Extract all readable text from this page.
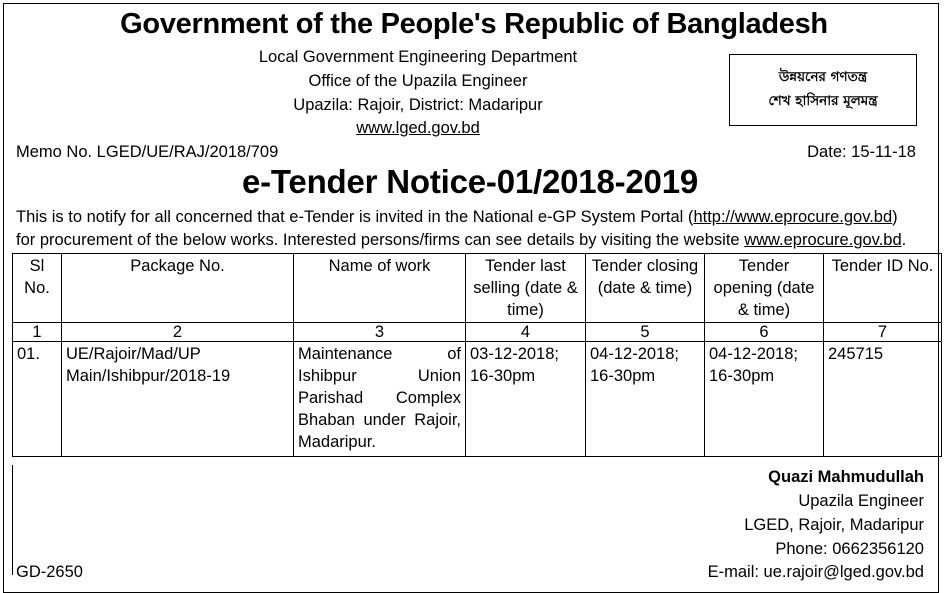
Government of the People's Republic of Bangladesh
Local Government Engineering Department
Office of the Upazila Engineer
Upazila: Rajoir, District: Madaripur
www.lged.gov.bd
উন্নয়নের গণতন্ত্র
শেখ হাসিনার মূলমন্ত্র
Memo No. LGED/UE/RAJ/2018/709	Date: 15-11-18
e-Tender Notice-01/2018-2019
This is to notify for all concerned that e-Tender is invited in the National e-GP System Portal (http://www.eprocure.gov.bd)
for procurement of the below works. Interested persons/firms can see details by visiting the website www.eprocure.gov.bd.
Sl No.	Package No.	Name of work	Tender last selling (date & time)	Tender closing (date & time)	Tender opening (date & time)	Tender ID No.
1	2	3	4	5	6	7
01.	UE/Rajoir/Mad/UP Main/Ishibpur/2018-19	Maintenance of Ishibpur Union Parishad Complex Bhaban under Rajoir, Madaripur.	03-12-2018; 16-30pm	04-12-2018; 16-30pm	04-12-2018; 16-30pm	245715
Quazi Mahmudullah
Upazila Engineer
LGED, Rajoir, Madaripur
Phone: 0662356120
E-mail: ue.rajoir@lged.gov.bd
GD-2650
